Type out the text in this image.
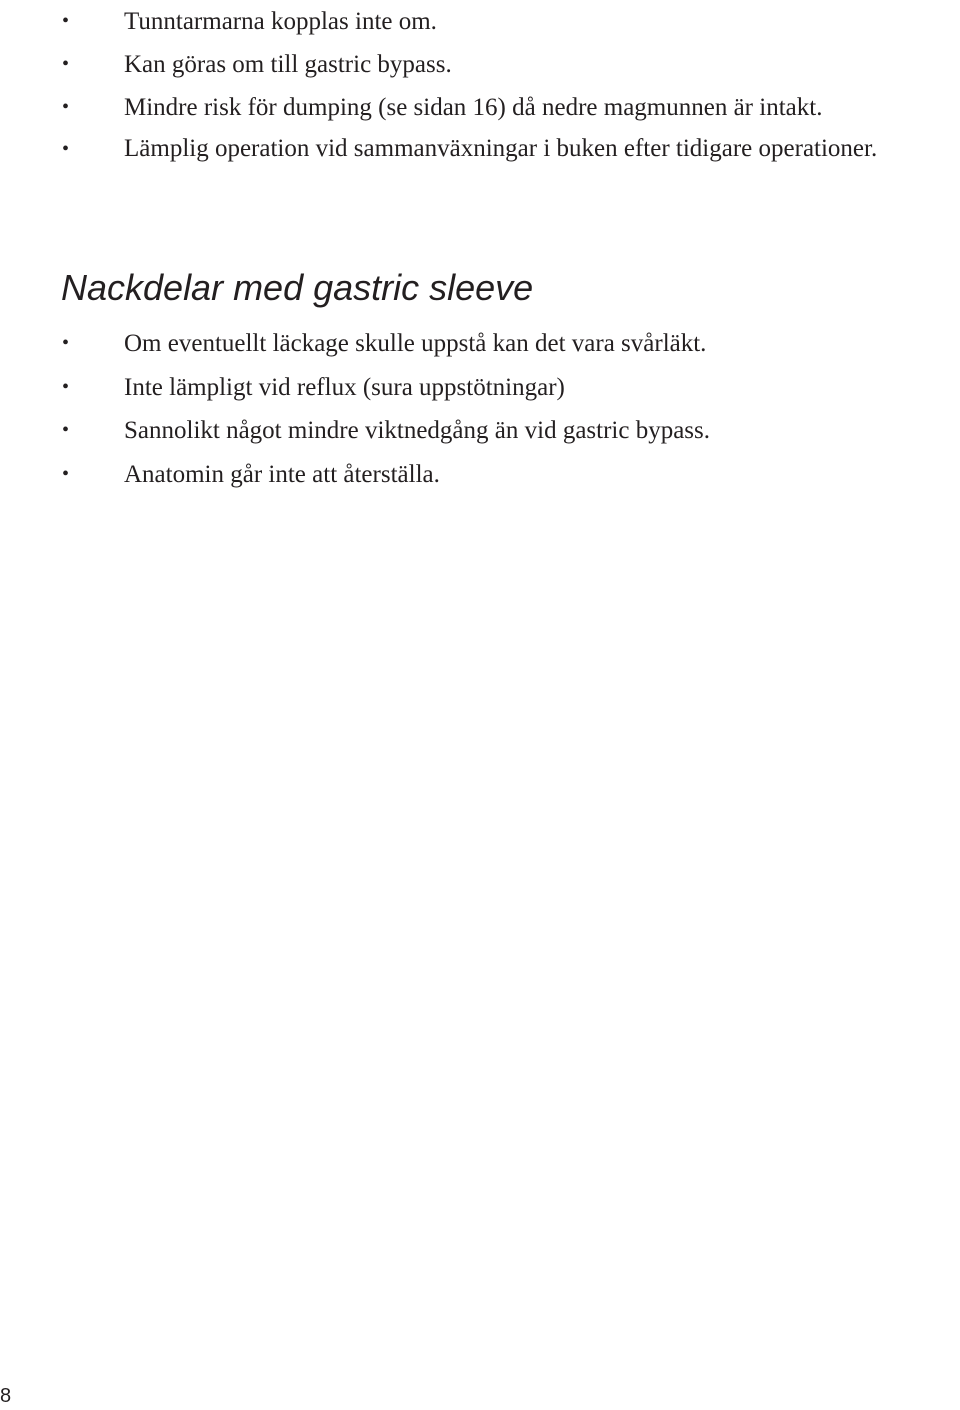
• Tunntarmarna kopplas inte om.
• Kan göras om till gastric bypass.
• Mindre risk för dumping (se sidan 16) då nedre magmunnen är intakt.
• Lämplig operation vid sammanväxningar i buken efter tidigare operationer.
Nackdelar med gastric sleeve
• Om eventuellt läckage skulle uppstå kan det vara svårläkt.
• Inte lämpligt vid reflux (sura uppstötningar)
• Sannolikt något mindre viktnedgång än vid gastric bypass.
• Anatomin går inte att återställa.
8
